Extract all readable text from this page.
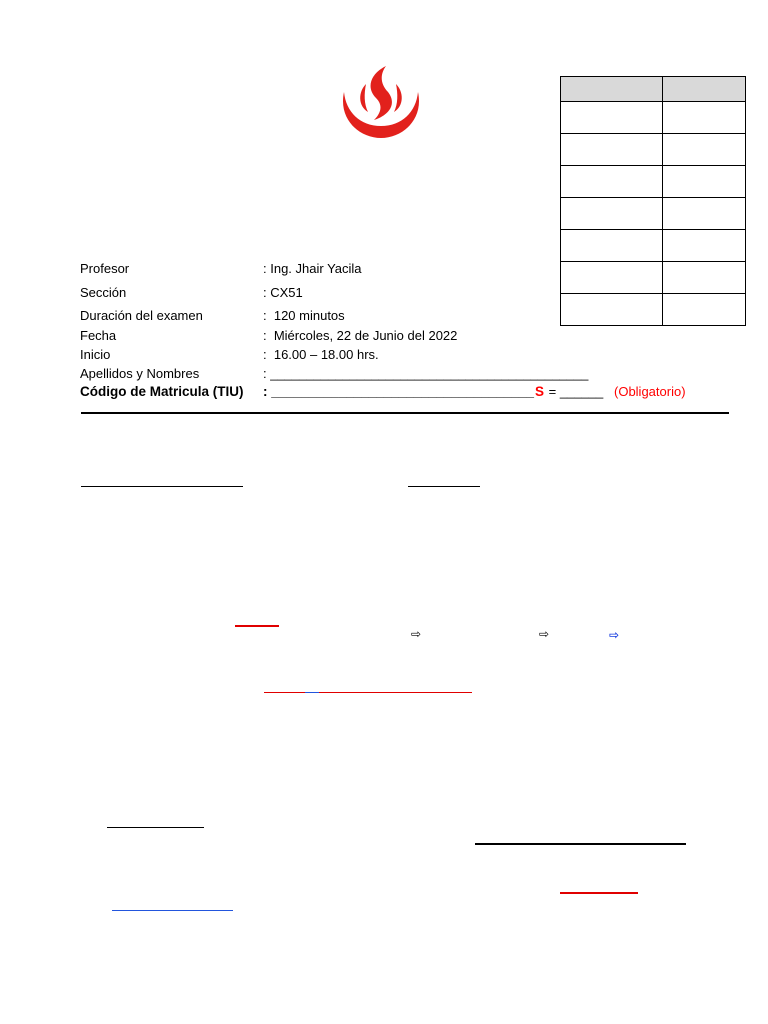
Profesor	: Ing. Jhair Yacila
Sección	: CX51
Duración del examen	:  120 minutos
Fecha	:  Miércoles, 22 de Junio del 2022
Inicio	:  16.00 – 18.00 hrs.
Apellidos y Nombres	: ____________________________________________
Código de Matricula (TIU) : ___________________________________ S = ______ (Obligatorio)
⇨	⇨	⇨
